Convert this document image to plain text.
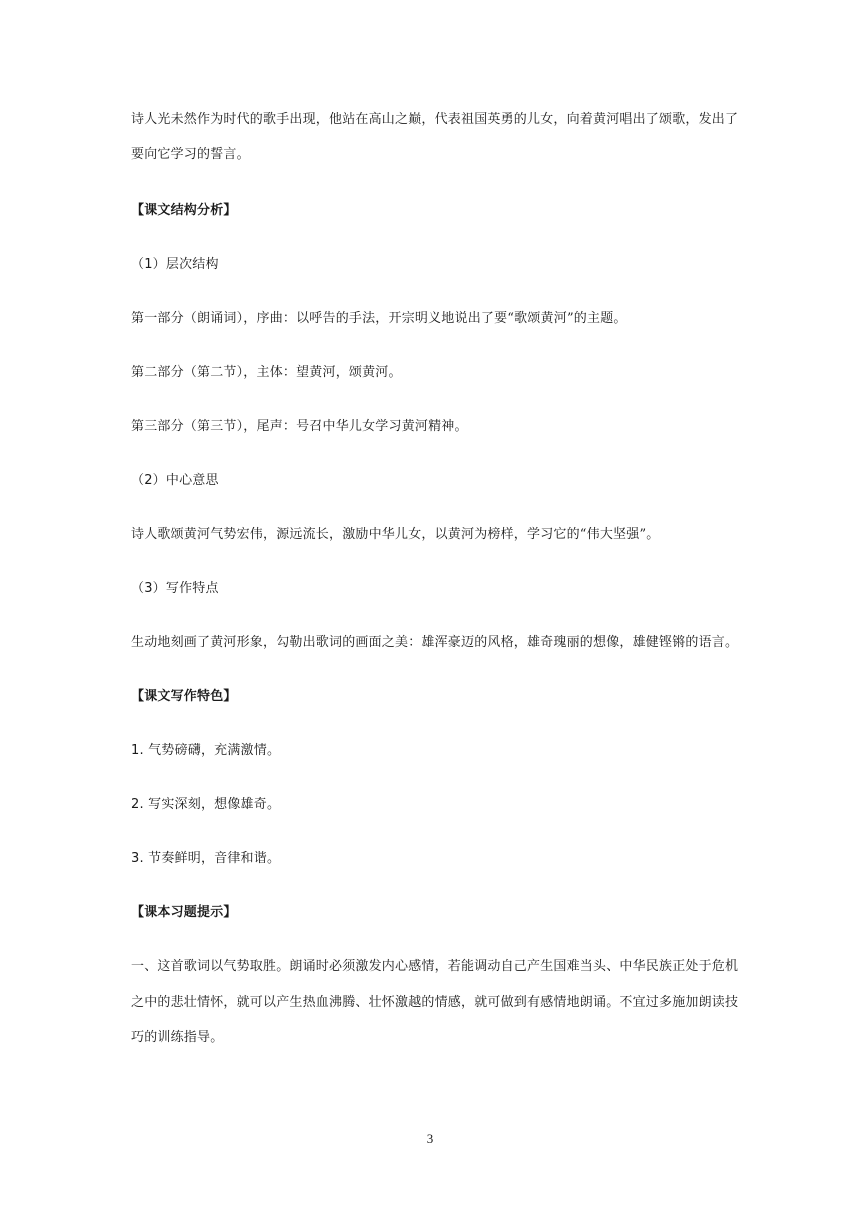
诗人光未然作为时代的歌手出现，他站在高山之巅，代表祖国英勇的儿女，向着黄河唱出了颂歌，发出了
要向它学习的誓言。
【课文结构分析】
（1）层次结构
第一部分（朗诵词），序曲：以呼告的手法，开宗明义地说出了要“歌颂黄河”的主题。
第二部分（第二节），主体：望黄河，颂黄河。
第三部分（第三节），尾声：号召中华儿女学习黄河精神。
（2）中心意思
诗人歌颂黄河气势宏伟，源远流长，激励中华儿女，以黄河为榜样，学习它的“伟大坚强”。
（3）写作特点
生动地刻画了黄河形象，勾勒出歌词的画面之美：雄浑豪迈的风格，雄奇瑰丽的想像，雄健铿锵的语言。
【课文写作特色】
1. 气势磅礴，充满激情。
2. 写实深刻，想像雄奇。
3. 节奏鲜明，音律和谐。
【课本习题提示】
一、这首歌词以气势取胜。朗诵时必须激发内心感情，若能调动自己产生国难当头、中华民族正处于危机
之中的悲壮情怀，就可以产生热血沸腾、壮怀激越的情感，就可做到有感情地朗诵。不宜过多施加朗读技
巧的训练指导。
3
